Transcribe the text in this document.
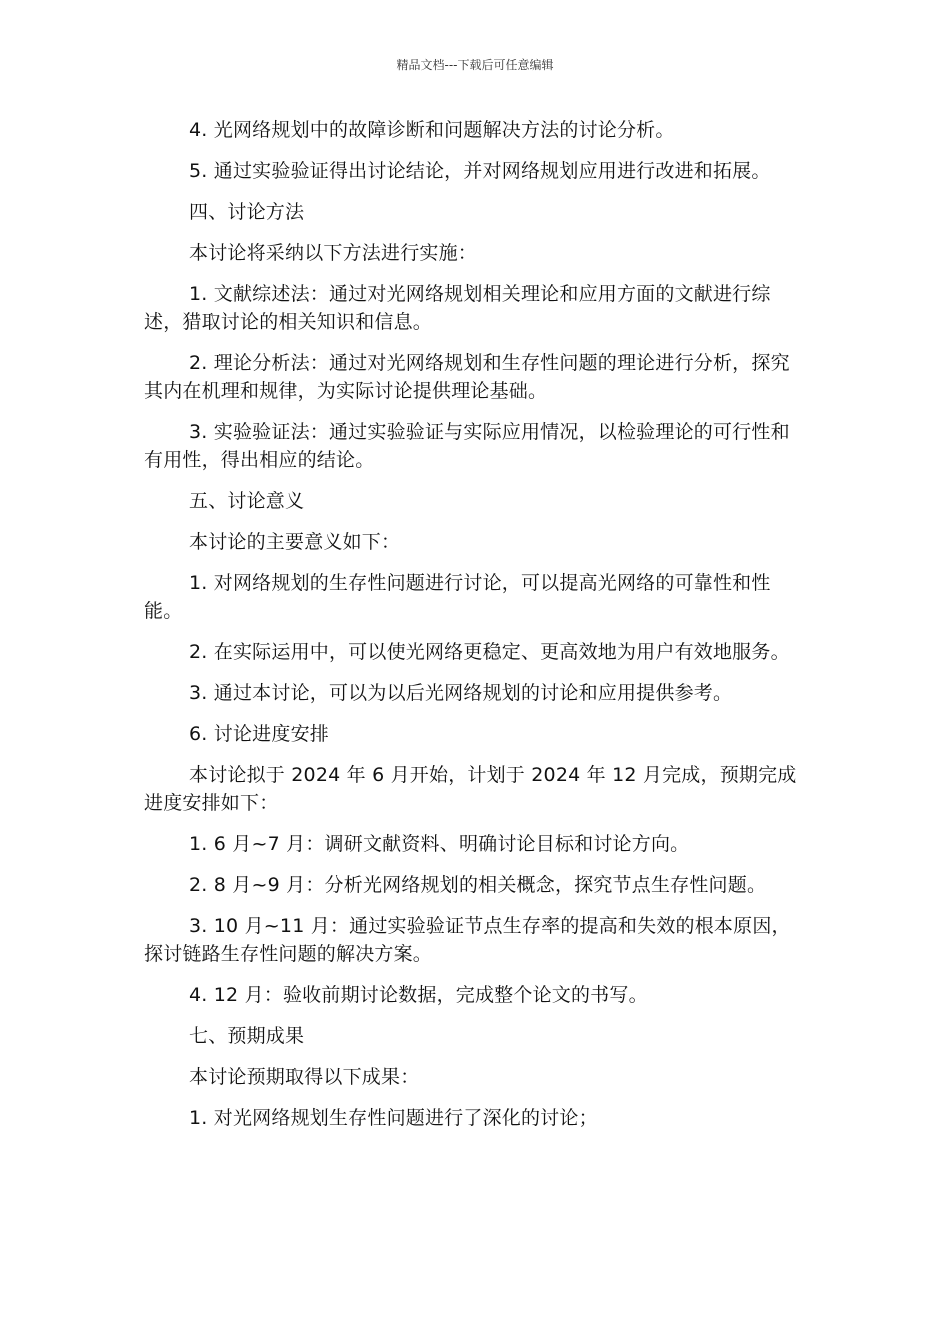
精品文档---下载后可任意编辑

4. 光网络规划中的故障诊断和问题解决方法的讨论分析。

5. 通过实验验证得出讨论结论，并对网络规划应用进行改进和拓展。

四、讨论方法

本讨论将采纳以下方法进行实施：

1. 文献综述法：通过对光网络规划相关理论和应用方面的文献进行综述，猎取讨论的相关知识和信息。

2. 理论分析法：通过对光网络规划和生存性问题的理论进行分析，探究其内在机理和规律，为实际讨论提供理论基础。

3. 实验验证法：通过实验验证与实际应用情况，以检验理论的可行性和有用性，得出相应的结论。

五、讨论意义

本讨论的主要意义如下：

1. 对网络规划的生存性问题进行讨论，可以提高光网络的可靠性和性能。

2. 在实际运用中，可以使光网络更稳定、更高效地为用户有效地服务。

3. 通过本讨论，可以为以后光网络规划的讨论和应用提供参考。

6. 讨论进度安排

本讨论拟于 2024 年 6 月开始，计划于 2024 年 12 月完成，预期完成进度安排如下：

1. 6 月~7 月：调研文献资料、明确讨论目标和讨论方向。

2. 8 月~9 月：分析光网络规划的相关概念，探究节点生存性问题。

3. 10 月~11 月：通过实验验证节点生存率的提高和失效的根本原因，探讨链路生存性问题的解决方案。

4. 12 月：验收前期讨论数据，完成整个论文的书写。

七、预期成果

本讨论预期取得以下成果：

1. 对光网络规划生存性问题进行了深化的讨论；
